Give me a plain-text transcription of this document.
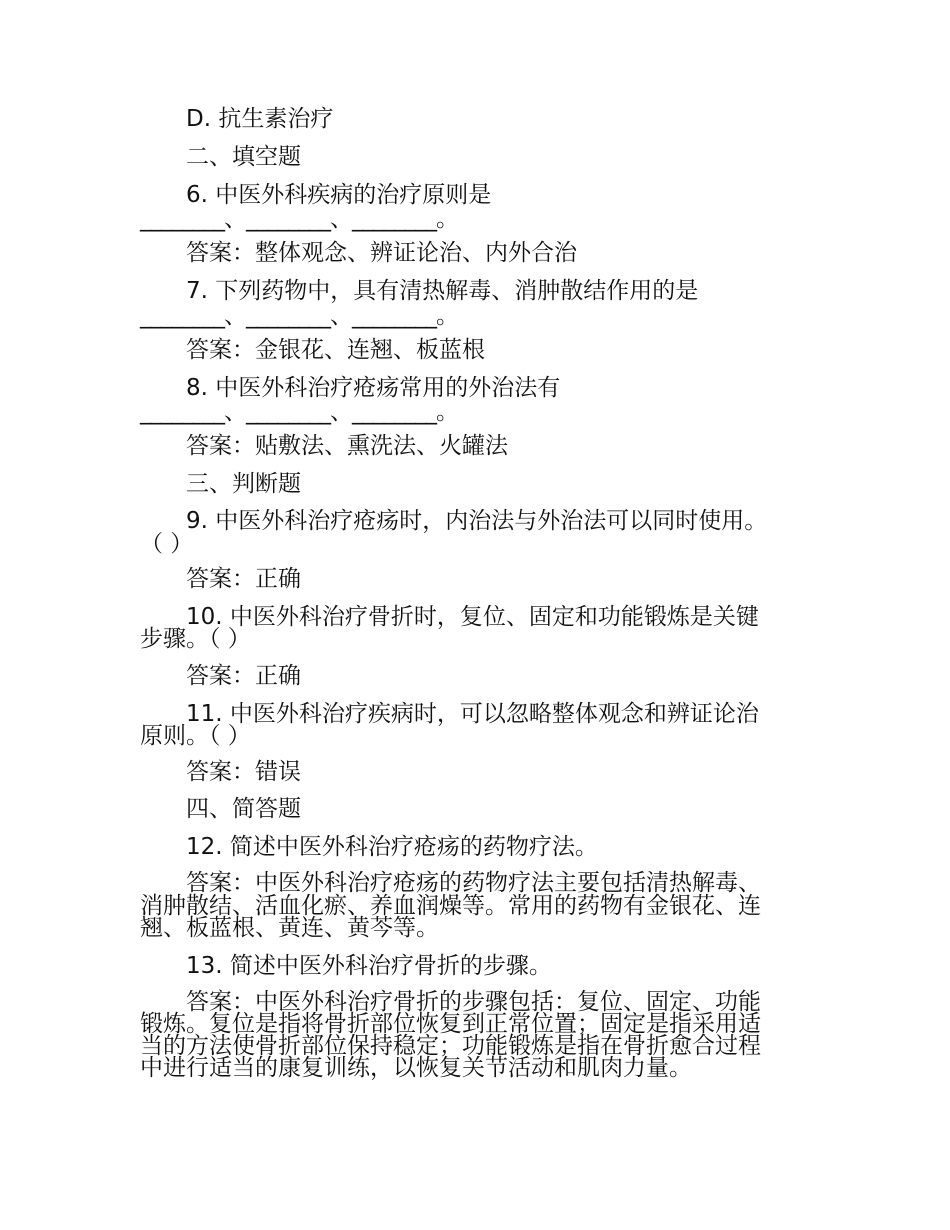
D. 抗生素治疗
二、填空题
6. 中医外科疾病的治疗原则是
________、________、________。
答案：整体观念、辨证论治、内外合治
7. 下列药物中，具有清热解毒、消肿散结作用的是
________、________、________。
答案：金银花、连翘、板蓝根
8. 中医外科治疗疮疡常用的外治法有
________、________、________。
答案：贴敷法、熏洗法、火罐法
三、判断题
9. 中医外科治疗疮疡时，内治法与外治法可以同时使用。
（ ）
答案：正确
10. 中医外科治疗骨折时，复位、固定和功能锻炼是关键
步骤。（ ）
答案：正确
11. 中医外科治疗疾病时，可以忽略整体观念和辨证论治
原则。（ ）
答案：错误
四、简答题
12. 简述中医外科治疗疮疡的药物疗法。
答案：中医外科治疗疮疡的药物疗法主要包括清热解毒、
消肿散结、活血化瘀、养血润燥等。常用的药物有金银花、连
翘、板蓝根、黄连、黄芩等。
13. 简述中医外科治疗骨折的步骤。
答案：中医外科治疗骨折的步骤包括：复位、固定、功能
锻炼。复位是指将骨折部位恢复到正常位置；固定是指采用适
当的方法使骨折部位保持稳定；功能锻炼是指在骨折愈合过程
中进行适当的康复训练，以恢复关节活动和肌肉力量。
